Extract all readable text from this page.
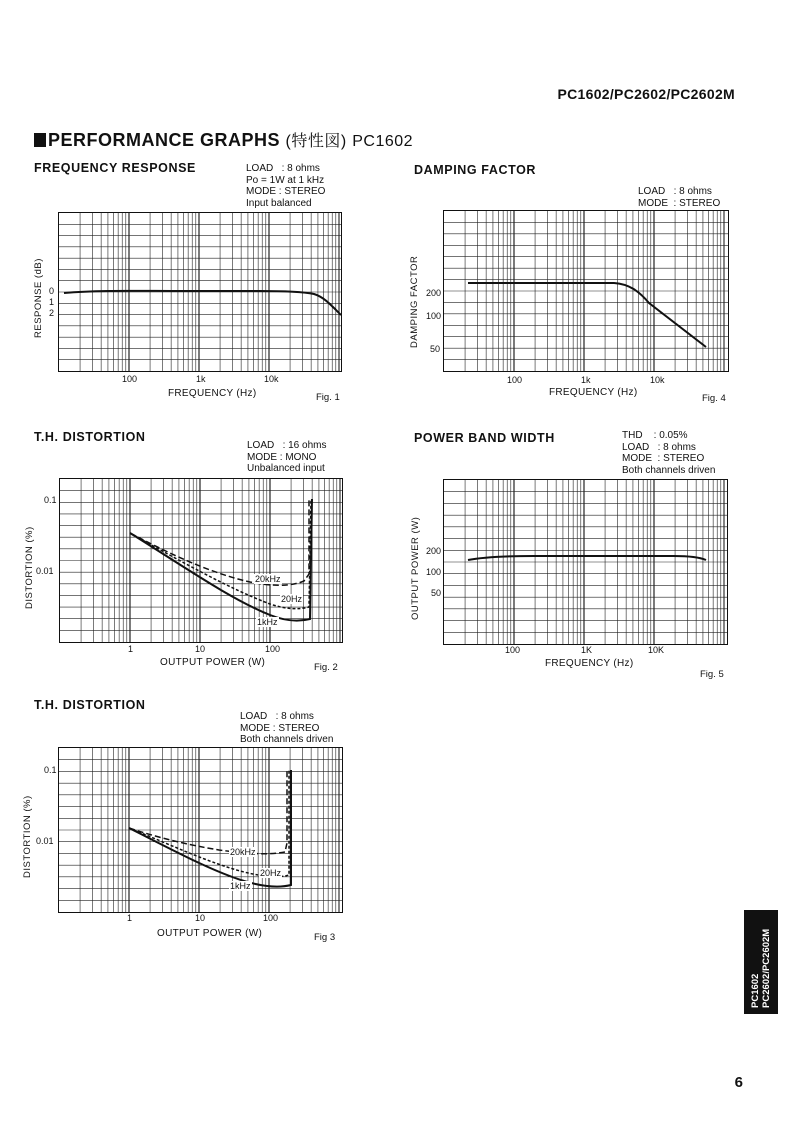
PC1602/PC2602/PC2602M
PERFORMANCE GRAPHS (特性図) PC1602
FREQUENCY RESPONSE	LOAD   : 8 ohms
Po = 1W at 1 kHz
MODE : STEREO
Input balanced
RESPONSE (dB) 0
1
2
100	1k	10k
FREQUENCY (Hz)	Fig. 1
DAMPING FACTOR
LOAD   : 8 ohms
MODE  : STEREO
DAMPING FACTOR 200
100
50
100	1k	10k
FREQUENCY (Hz)
Fig. 4
T.H. DISTORTION
LOAD   : 16 ohms
MODE : MONO
Unbalanced input
DISTORTION (%)
0.1
0.01
20kHz
20Hz
1kHz
1	10	100
OUTPUT POWER (W)	Fig. 2
POWER BAND WIDTH	THD    : 0.05%
LOAD   : 8 ohms
MODE  : STEREO
Both channels driven
OUTPUT POWER (W) 200
100
50
100	1K	10K
FREQUENCY (Hz)
Fig. 5
T.H. DISTORTION
LOAD   : 8 ohms
MODE : STEREO
Both channels driven
DISTORTION (%)
0.1
0.01
20kHz
20Hz
1kHz
1	10	100
OUTPUT POWER (W)	Fig 3
PC1602
PC2602/PC2602M
6
